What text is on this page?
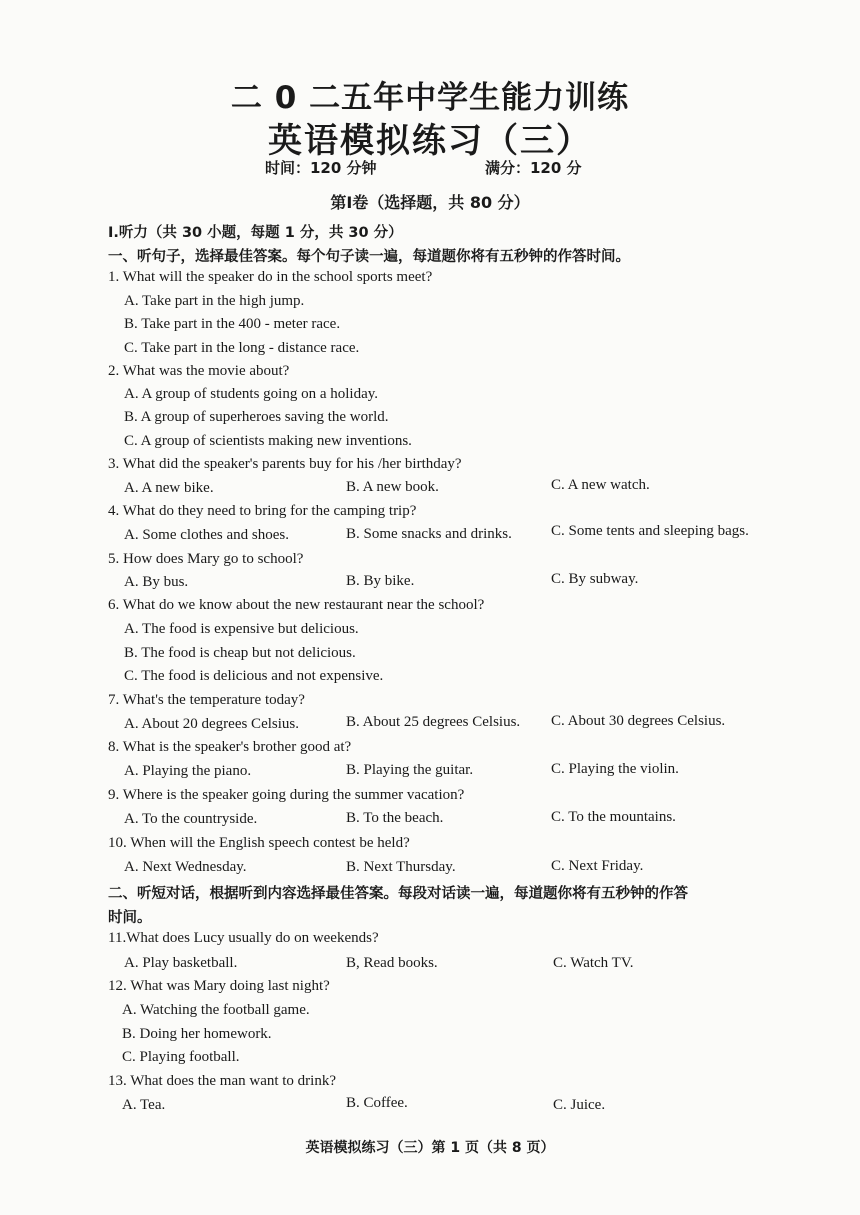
二 0 二五年中学生能力训练
英语模拟练习（三）
时间：120 分钟	满分：120 分
第Ⅰ卷（选择题，共 80 分）
Ⅰ.听力（共 30 小题，每题 1 分，共 30 分）
一、听句子，选择最佳答案。每个句子读一遍，每道题你将有五秒钟的作答时间。
1. What will the speaker do in the school sports meet?
A. Take part in the high jump.
B. Take part in the 400 - meter race.
C. Take part in the long - distance race.
2. What was the movie about?
A. A group of students going on a holiday.
B. A group of superheroes saving the world.
C. A group of scientists making new inventions.
3. What did the speaker's parents buy for his /her birthday?
A. A new bike.	B. A new book.	C. A new watch.
4. What do they need to bring for the camping trip?
A. Some clothes and shoes.	B. Some snacks and drinks.	C. Some tents and sleeping bags.
5. How does Mary go to school?
A. By bus.	B. By bike.	C. By subway.
6. What do we know about the new restaurant near the school?
A. The food is expensive but delicious.
B. The food is cheap but not delicious.
C. The food is delicious and not expensive.
7. What's the temperature today?
A. About 20 degrees Celsius.	B. About 25 degrees Celsius. C. About 30 degrees Celsius.
8. What is the speaker's brother good at?
A. Playing the piano.	B. Playing the guitar.	C. Playing the violin.
9. Where is the speaker going during the summer vacation?
A. To the countryside.	B. To the beach.	C. To the mountains.
10. When will the English speech contest be held?
A. Next Wednesday.	B. Next Thursday.	C. Next Friday.
二、听短对话，根据听到内容选择最佳答案。每段对话读一遍，每道题你将有五秒钟的作答
时间。
11.What does Lucy usually do on weekends?
A. Play basketball.	B, Read books.	C. Watch TV.
12. What was Mary doing last night?
A. Watching the football game.
B. Doing her homework.
C. Playing football.
13. What does the man want to drink?
A. Tea.	B. Coffee.	C. Juice.
英语模拟练习（三）第 1 页（共 8 页）
